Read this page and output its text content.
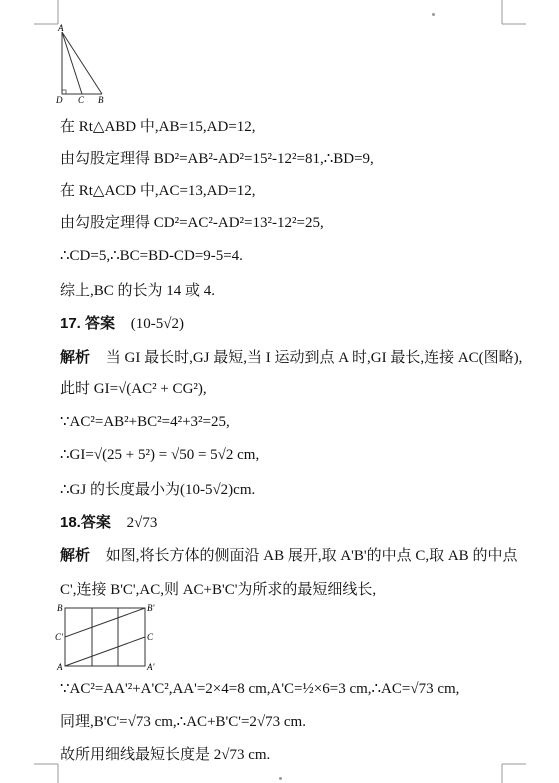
A
D C B
在 Rt△ABD 中,AB=15,AD=12,
由勾股定理得 BD²=AB²-AD²=15²-12²=81,∴BD=9,
在 Rt△ACD 中,AC=13,AD=12,
由勾股定理得 CD²=AC²-AD²=13²-12²=25,
∴CD=5,∴BC=BD-CD=9-5=4.
综上,BC 的长为 14 或 4.
17. 答案 (10-5√2)
解析 当 GI 最长时,GJ 最短,当 I 运动到点 A 时,GI 最长,连接 AC(图略),
此时 GI=√(AC² + CG²),
∵AC²=AB²+BC²=4²+3²=25,
∴GI=√(25 + 5²) = √50 = 5√2 cm,
∴GJ 的长度最小为(10-5√2)cm.
18.答案 2√73
解析 如图,将长方体的侧面沿 AB 展开,取 A'B'的中点 C,取 AB 的中点
C',连接 B'C',AC,则 AC+B'C'为所求的最短细线长,
B	B'
C'	C
A	A'
∵AC²=AA'²+A'C²,AA'=2×4=8 cm,A'C=½×6=3 cm,∴AC=√73 cm,
同理,B'C'=√73 cm,∴AC+B'C'=2√73 cm.
故所用细线最短长度是 2√73 cm.
